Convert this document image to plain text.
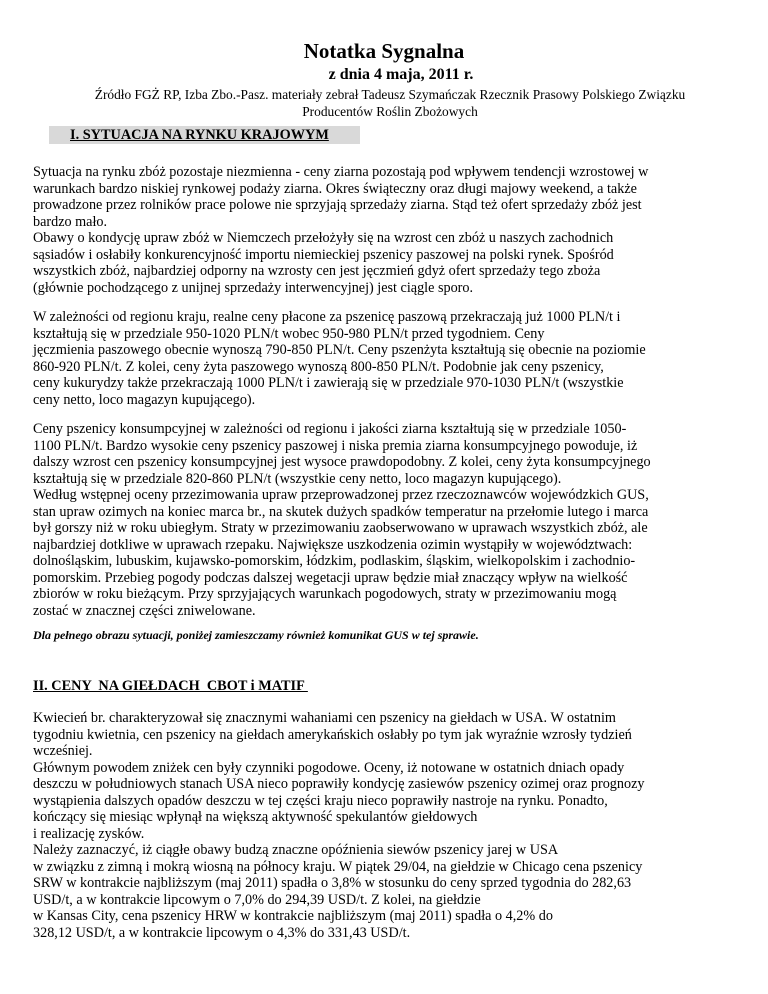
Notatka Sygnalna
z dnia 4 maja, 2011 r.
Źródło FGŻ RP, Izba Zbo.-Pasz. materiały zebrał Tadeusz Szymańczak Rzecznik Prasowy Polskiego Związku
Producentów Roślin Zbożowych
I. SYTUACJA NA RYNKU KRAJOWYM
Sytuacja na rynku zbóż pozostaje niezmienna - ceny ziarna pozostają pod wpływem tendencji wzrostowej w
warunkach bardzo niskiej rynkowej podaży ziarna. Okres świąteczny oraz długi majowy weekend, a także
prowadzone przez rolników prace polowe nie sprzyjają sprzedaży ziarna. Stąd też ofert sprzedaży zbóż jest
bardzo mało.
Obawy o kondycję upraw zbóż w Niemczech przełożyły się na wzrost cen zbóż u naszych zachodnich
sąsiadów i osłabiły konkurencyjność importu niemieckiej pszenicy paszowej na polski rynek. Spośród
wszystkich zbóż, najbardziej odporny na wzrosty cen jest jęczmień gdyż ofert sprzedaży tego zboża
(głównie pochodzącego z unijnej sprzedaży interwencyjnej) jest ciągle sporo.
W zależności od regionu kraju, realne ceny płacone za pszenicę paszową przekraczają już 1000 PLN/t i
kształtują się w przedziale 950-1020 PLN/t wobec 950-980 PLN/t przed tygodniem. Ceny
jęczmienia paszowego obecnie wynoszą 790-850 PLN/t. Ceny pszenżyta kształtują się obecnie na poziomie
860-920 PLN/t. Z kolei, ceny żyta paszowego wynoszą 800-850 PLN/t. Podobnie jak ceny pszenicy,
ceny kukurydzy także przekraczają 1000 PLN/t i zawierają się w przedziale 970-1030 PLN/t (wszystkie
ceny netto, loco magazyn kupującego).
Ceny pszenicy konsumpcyjnej w zależności od regionu i jakości ziarna kształtują się w przedziale 1050-
1100 PLN/t. Bardzo wysokie ceny pszenicy paszowej i niska premia ziarna konsumpcyjnego powoduje, iż
dalszy wzrost cen pszenicy konsumpcyjnej jest wysoce prawdopodobny. Z kolei, ceny żyta konsumpcyjnego
kształtują się w przedziale 820-860 PLN/t (wszystkie ceny netto, loco magazyn kupującego).
Według wstępnej oceny przezimowania upraw przeprowadzonej przez rzeczoznawców wojewódzkich GUS,
stan upraw ozimych na koniec marca br., na skutek dużych spadków temperatur na przełomie lutego i marca
był gorszy niż w roku ubiegłym. Straty w przezimowaniu zaobserwowano w uprawach wszystkich zbóż, ale
najbardziej dotkliwe w uprawach rzepaku. Największe uszkodzenia ozimin wystąpiły w województwach:
dolnośląskim, lubuskim, kujawsko-pomorskim, łódzkim, podlaskim, śląskim, wielkopolskim i zachodnio-
pomorskim. Przebieg pogody podczas dalszej wegetacji upraw będzie miał znaczący wpływ na wielkość
zbiorów w roku bieżącym. Przy sprzyjających warunkach pogodowych, straty w przezimowaniu mogą
zostać w znacznej części zniwelowane.
Dla pełnego obrazu sytuacji, poniżej zamieszczamy również komunikat GUS w tej sprawie.
II. CENY  NA GIEŁDACH  CBOT i MATIF
Kwiecień br. charakteryzował się znacznymi wahaniami cen pszenicy na giełdach w USA. W ostatnim
tygodniu kwietnia, cen pszenicy na giełdach amerykańskich osłabły po tym jak wyraźnie wzrosły tydzień
wcześniej.
Głównym powodem zniżek cen były czynniki pogodowe. Oceny, iż notowane w ostatnich dniach opady
deszczu w południowych stanach USA nieco poprawiły kondycję zasiewów pszenicy ozimej oraz prognozy
wystąpienia dalszych opadów deszczu w tej części kraju nieco poprawiły nastroje na rynku. Ponadto,
kończący się miesiąc wpłynął na większą aktywność spekulantów giełdowych
i realizację zysków.
Należy zaznaczyć, iż ciągłe obawy budzą znaczne opóźnienia siewów pszenicy jarej w USA
w związku z zimną i mokrą wiosną na północy kraju. W piątek 29/04, na giełdzie w Chicago cena pszenicy
SRW w kontrakcie najbliższym (maj 2011) spadła o 3,8% w stosunku do ceny sprzed tygodnia do 282,63
USD/t, a w kontrakcie lipcowym o 7,0% do 294,39 USD/t. Z kolei, na giełdzie
w Kansas City, cena pszenicy HRW w kontrakcie najbliższym (maj 2011) spadła o 4,2% do
328,12 USD/t, a w kontrakcie lipcowym o 4,3% do 331,43 USD/t.
